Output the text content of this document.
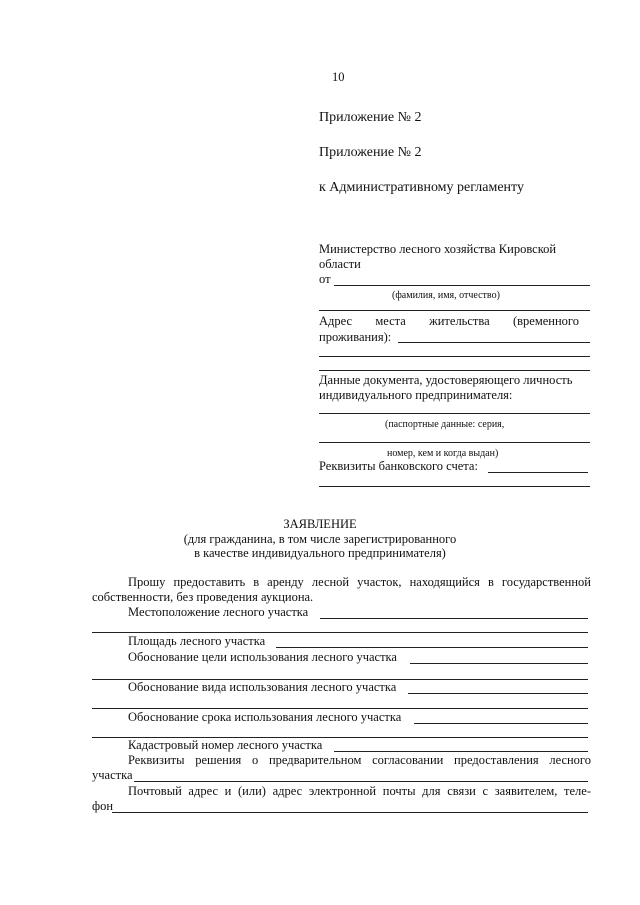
10
Приложение № 2
Приложение № 2
к Административному регламенту
Министерство лесного хозяйства Кировской
области
от
(фамилия, имя, отчество)
Адрес места жительства (временного
проживания):
Данные документа, удостоверяющего личность
индивидуального предпринимателя:
(паспортные данные: серия,
номер, кем и когда выдан)
Реквизиты банковского счета:
ЗАЯВЛЕНИЕ
(для гражданина, в том числе зарегистрированного
в качестве индивидуального предпринимателя)
Прошу предоставить в аренду лесной участок, находящийся в государственной
собственности, без проведения аукциона.
Местоположение лесного участка
Площадь лесного участка
Обоснование цели использования лесного участка
Обоснование вида использования лесного участка
Обоснование срока использования лесного участка
Кадастровый номер лесного участка
Реквизиты решения о предварительном согласовании предоставления лесного
участка
Почтовый адрес и (или) адрес электронной почты для связи с заявителем, теле-
фон
